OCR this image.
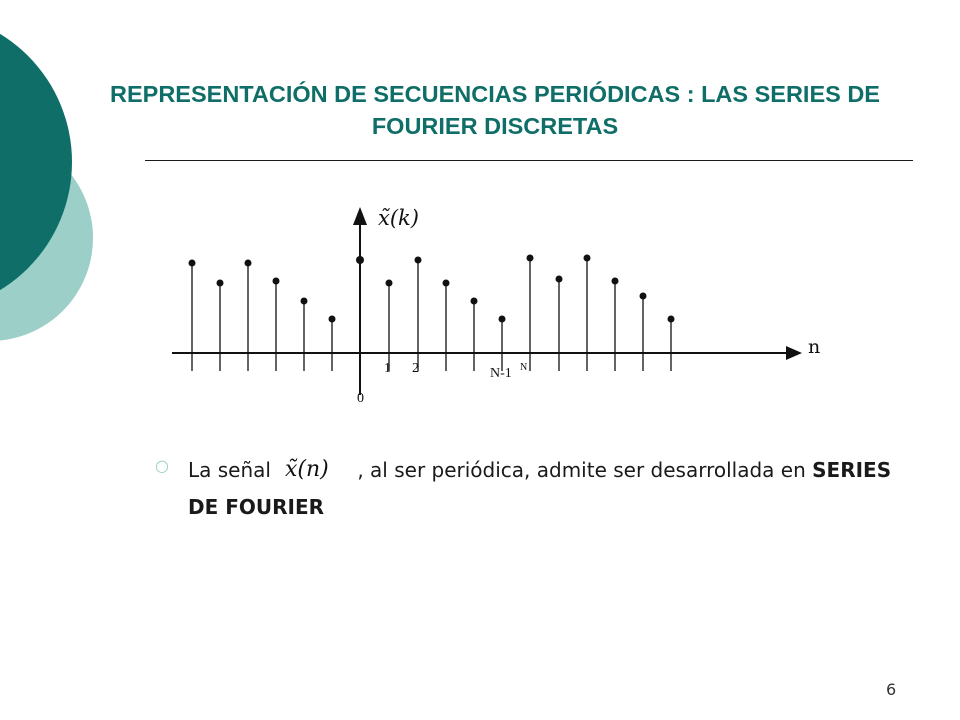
REPRESENTACIÓN DE SECUENCIAS PERIÓDICAS : LAS SERIES DE FOURIER DISCRETAS
x̃(k)
n
0
1 2	N-1 N
○ La señal x̃(n) , al ser periódica, admite ser desarrollada en SERIES DE FOURIER
6
